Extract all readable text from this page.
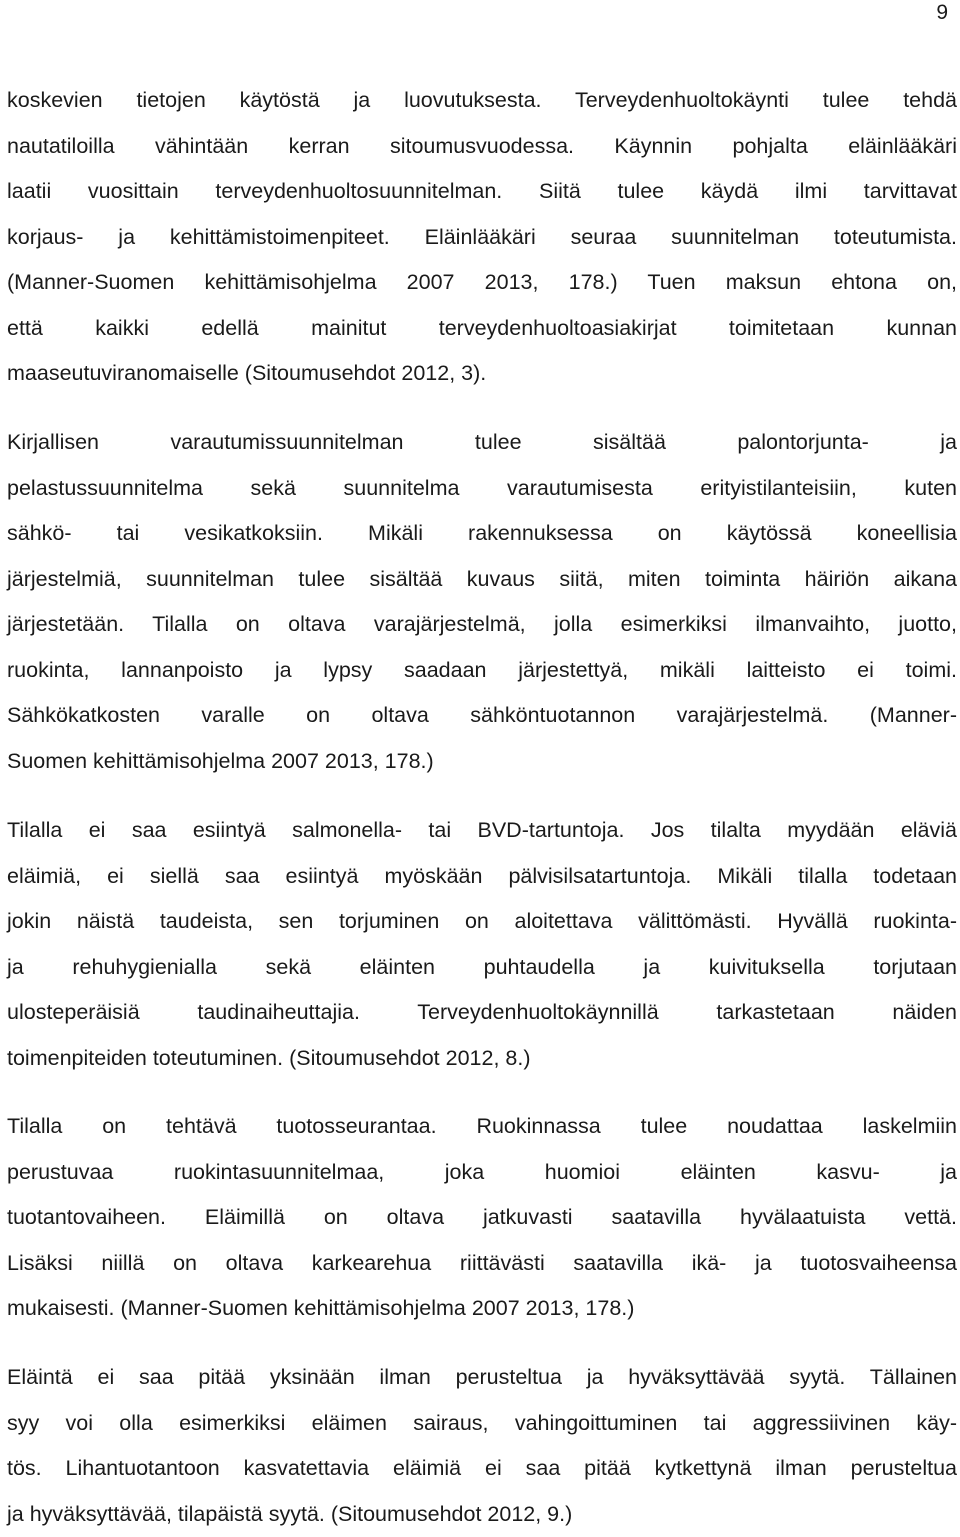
9
koskevien tietojen käytöstä ja luovutuksesta. Terveydenhuoltokäynti tulee tehdä
nautatiloilla vähintään kerran sitoumusvuodessa. Käynnin pohjalta eläinlääkäri
laatii vuosittain terveydenhuoltosuunnitelman. Siitä tulee käydä ilmi tarvittavat
korjaus- ja kehittämistoimenpiteet. Eläinlääkäri seuraa suunnitelman toteutumista.
(Manner-Suomen kehittämisohjelma 2007 2013, 178.) Tuen maksun ehtona on,
että kaikki edellä mainitut terveydenhuoltoasiakirjat toimitetaan kunnan
maaseutuviranomaiselle (Sitoumusehdot 2012, 3).
Kirjallisen varautumissuunnitelman tulee sisältää palontorjunta- ja
pelastussuunnitelma sekä suunnitelma varautumisesta erityistilanteisiin, kuten
sähkö- tai vesikatkoksiin. Mikäli rakennuksessa on käytössä koneellisia
järjestelmiä, suunnitelman tulee sisältää kuvaus siitä, miten toiminta häiriön aikana
järjestetään. Tilalla on oltava varajärjestelmä, jolla esimerkiksi ilmanvaihto, juotto,
ruokinta, lannanpoisto ja lypsy saadaan järjestettyä, mikäli laitteisto ei toimi.
Sähkökatkosten varalle on oltava sähköntuotannon varajärjestelmä. (Manner-
Suomen kehittämisohjelma 2007 2013, 178.)
Tilalla ei saa esiintyä salmonella- tai BVD-tartuntoja. Jos tilalta myydään eläviä
eläimiä, ei siellä saa esiintyä myöskään pälvisilsatartuntoja. Mikäli tilalla todetaan
jokin näistä taudeista, sen torjuminen on aloitettava välittömästi. Hyvällä ruokinta-
ja rehuhygienialla sekä eläinten puhtaudella ja kuivituksella torjutaan
ulosteperäisiä taudinaiheuttajia. Terveydenhuoltokäynnillä tarkastetaan näiden
toimenpiteiden toteutuminen. (Sitoumusehdot 2012, 8.)
Tilalla on tehtävä tuotosseurantaa. Ruokinnassa tulee noudattaa laskelmiin
perustuvaa ruokintasuunnitelmaa, joka huomioi eläinten kasvu- ja
tuotantovaiheen. Eläimillä on oltava jatkuvasti saatavilla hyvälaatuista vettä.
Lisäksi niillä on oltava karkearehua riittävästi saatavilla ikä- ja tuotosvaiheensa
mukaisesti. (Manner-Suomen kehittämisohjelma 2007 2013, 178.)
Eläintä ei saa pitää yksinään ilman perusteltua ja hyväksyttävää syytä. Tällainen
syy voi olla esimerkiksi eläimen sairaus, vahingoittuminen tai aggressiivinen käy-
tös. Lihantuotantoon kasvatettavia eläimiä ei saa pitää kytkettynä ilman perusteltua
ja hyväksyttävää, tilapäistä syytä. (Sitoumusehdot 2012, 9.)
